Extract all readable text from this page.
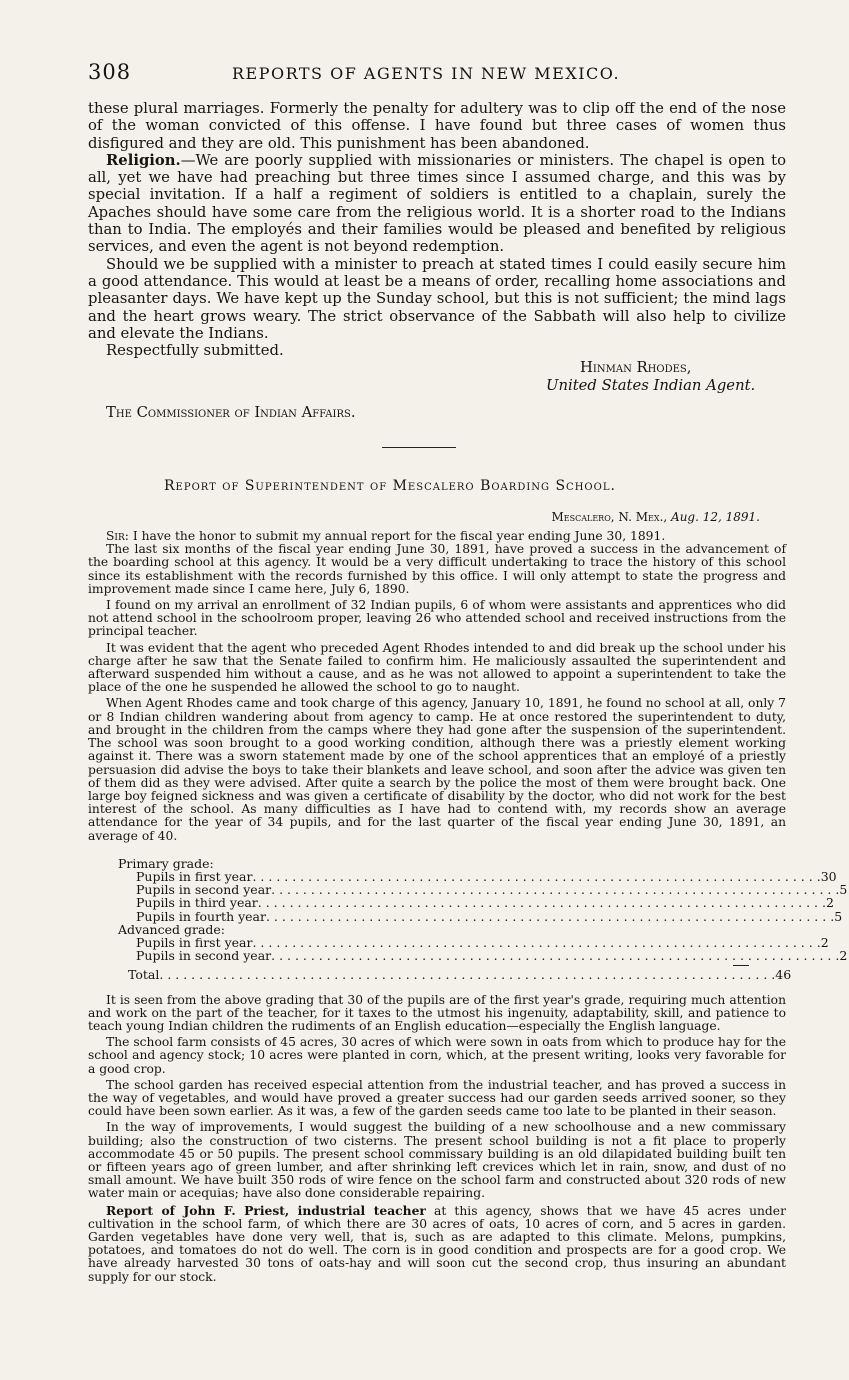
308	REPORTS OF AGENTS IN NEW MEXICO.

these plural marriages. Formerly the penalty for adultery was to clip off the end of the nose of the woman convicted of this offense. I have found but three cases of women thus disfigured and they are old. This punishment has been abandoned.

Religion.—We are poorly supplied with missionaries or ministers. The chapel is open to all, yet we have had preaching but three times since I assumed charge, and this was by special invitation. If a half a regiment of soldiers is entitled to a chaplain, surely the Apaches should have some care from the religious world. It is a shorter road to the Indians than to India. The employés and their families would be pleased and benefited by religious services, and even the agent is not beyond redemption.

Should we be supplied with a minister to preach at stated times I could easily secure him a good attendance. This would at least be a means of order, recalling home associations and pleasanter days. We have kept up the Sunday school, but this is not sufficient; the mind lags and the heart grows weary. The strict observance of the Sabbath will also help to civilize and elevate the Indians.

Respectfully submitted.

Hinman Rhodes,
United States Indian Agent.

The Commissioner of Indian Affairs.

Report of Superintendent of Mescalero Boarding School.

Mescalero, N. Mex., Aug. 12, 1891.

Sir: I have the honor to submit my annual report for the fiscal year ending June 30, 1891.

The last six months of the fiscal year ending June 30, 1891, have proved a success in the advancement of the boarding school at this agency. It would be a very difficult undertaking to trace the history of this school since its establishment with the records furnished by this office. I will only attempt to state the progress and improvement made since I came here, July 6, 1890.

I found on my arrival an enrollment of 32 Indian pupils, 6 of whom were assistants and apprentices who did not attend school in the schoolroom proper, leaving 26 who attended school and received instructions from the principal teacher.

It was evident that the agent who preceded Agent Rhodes intended to and did break up the school under his charge after he saw that the Senate failed to confirm him. He maliciously assaulted the superintendent and afterward suspended him without a cause, and as he was not allowed to appoint a superintendent to take the place of the one he suspended he allowed the school to go to naught.

When Agent Rhodes came and took charge of this agency, January 10, 1891, he found no school at all, only 7 or 8 Indian children wandering about from agency to camp. He at once restored the superintendent to duty, and brought in the children from the camps where they had gone after the suspension of the superintendent. The school was soon brought to a good working condition, although there was a priestly element working against it. There was a sworn statement made by one of the school apprentices that an employé of a priestly persuasion did advise the boys to take their blankets and leave school, and soon after the advice was given ten of them did as they were advised. After quite a search by the police the most of them were brought back. One large boy feigned sickness and was given a certificate of disability by the doctor, who did not work for the best interest of the school. As many difficulties as I have had to contend with, my records show an average attendance for the year of 34 pupils, and for the last quarter of the fiscal year ending June 30, 1891, an average of 40.

Primary grade:
Pupils in first year . . . . . . . . . . . . . . . . . . . . . . . . . . . . . . . . . . . . . . . . . . . . . . . . . . . . . . . . . . . . . . . . . . . . . . . . 30
Pupils in second year . . . . . . . . . . . . . . . . . . . . . . . . . . . . . . . . . . . . . . . . . . . . . . . . . . . . . . . . . . . . . . . . . . . . . . . . 5
Pupils in third year . . . . . . . . . . . . . . . . . . . . . . . . . . . . . . . . . . . . . . . . . . . . . . . . . . . . . . . . . . . . . . . . . . . . . . . . 2
Pupils in fourth year . . . . . . . . . . . . . . . . . . . . . . . . . . . . . . . . . . . . . . . . . . . . . . . . . . . . . . . . . . . . . . . . . . . . . . . . 5
Advanced grade:
Pupils in first year . . . . . . . . . . . . . . . . . . . . . . . . . . . . . . . . . . . . . . . . . . . . . . . . . . . . . . . . . . . . . . . . . . . . . . . . 2
Pupils in second year . . . . . . . . . . . . . . . . . . . . . . . . . . . . . . . . . . . . . . . . . . . . . . . . . . . . . . . . . . . . . . . . . . . . . . . . 2
Total . . . . . . . . . . . . . . . . . . . . . . . . . . . . . . . . . . . . . . . . . . . . . . . . . . . . . . . . . . . . . . . . . . . . . . . . . . . . . . 46

It is seen from the above grading that 30 of the pupils are of the first year's grade, requiring much attention and work on the part of the teacher, for it taxes to the utmost his ingenuity, adaptability, skill, and patience to teach young Indian children the rudiments of an English education—especially the English language.

The school farm consists of 45 acres, 30 acres of which were sown in oats from which to produce hay for the school and agency stock; 10 acres were planted in corn, which, at the present writing, looks very favorable for a good crop.

The school garden has received especial attention from the industrial teacher, and has proved a success in the way of vegetables, and would have proved a greater success had our garden seeds arrived sooner, so they could have been sown earlier. As it was, a few of the garden seeds came too late to be planted in their season.

In the way of improvements, I would suggest the building of a new schoolhouse and a new commissary building; also the construction of two cisterns. The present school building is not a fit place to properly accommodate 45 or 50 pupils. The present school commissary building is an old dilapidated building built ten or fifteen years ago of green lumber, and after shrinking left crevices which let in rain, snow, and dust of no small amount. We have built 350 rods of wire fence on the school farm and constructed about 320 rods of new water main or acequias; have also done considerable repairing.

Report of John F. Priest, industrial teacher at this agency, shows that we have 45 acres under cultivation in the school farm, of which there are 30 acres of oats, 10 acres of corn, and 5 acres in garden. Garden vegetables have done very well, that is, such as are adapted to this climate. Melons, pumpkins, potatoes, and tomatoes do not do well. The corn is in good condition and prospects are for a good crop. We have already harvested 30 tons of oats-hay and will soon cut the second crop, thus insuring an abundant supply for our stock.
